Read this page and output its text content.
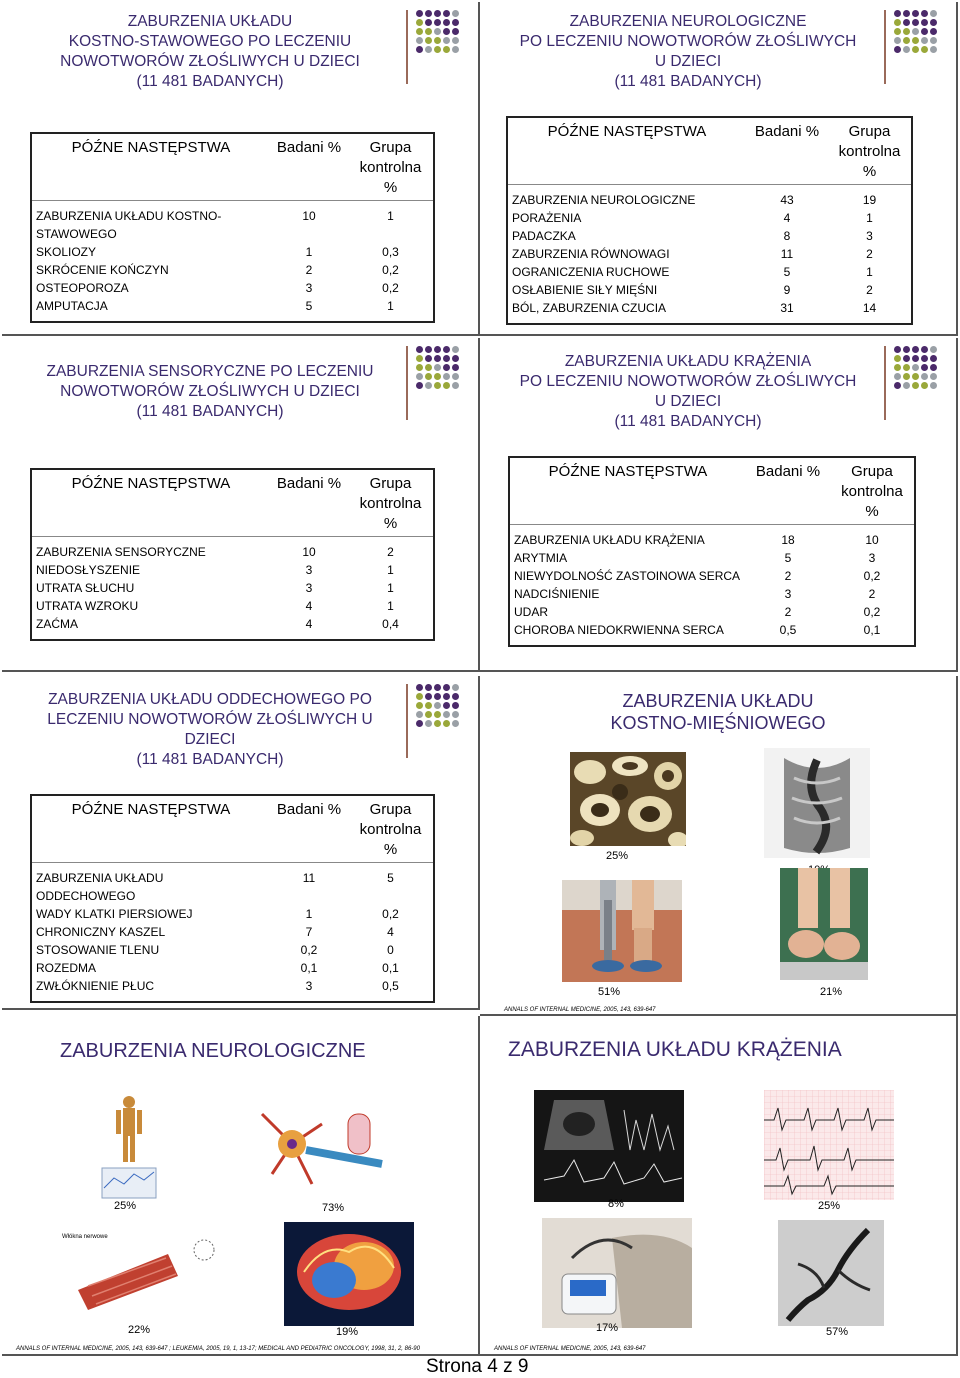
ZABURZENIA UKŁADU
KOSTNO-STAWOWEGO PO LECZENIU
NOWOTWORÓW ZŁOŚLIWYCH U DZIECI
(11 481 BADANYCH)
PÓŹNE NASTĘPSTWA	Badani %	Grupa kontrolna %
ZABURZENIA UKŁADU KOSTNO-STAWOWEGO	10	1
SKOLIOZY	1	0,3
SKRÓCENIE KOŃCZYN	2	0,2
OSTEOPOROZA	3	0,2
AMPUTACJA	5	1
ZABURZENIA NEUROLOGICZNE
PO LECZENIU NOWOTWORÓW ZŁOŚLIWYCH
U DZIECI
(11 481 BADANYCH)
PÓŹNE NASTĘPSTWA	Badani %	Grupa kontrolna %
ZABURZENIA NEUROLOGICZNE	43	19
PORAŻENIA	4	1
PADACZKA	8	3
ZABURZENIA RÓWNOWAGI	11	2
OGRANICZENIA RUCHOWE	5	1
OSŁABIENIE SIŁY MIĘŚNI	9	2
BÓL, ZABURZENIA CZUCIA	31	14
ZABURZENIA SENSORYCZNE PO LECZENIU
NOWOTWORÓW ZŁOŚLIWYCH U DZIECI
(11 481 BADANYCH)
PÓŹNE NASTĘPSTWA	Badani %	Grupa kontrolna %
ZABURZENIA SENSORYCZNE	10	2
NIEDOSŁYSZENIE	3	1
UTRATA SŁUCHU	3	1
UTRATA WZROKU	4	1
ZAĆMA	4	0,4
ZABURZENIA UKŁADU KRĄŻENIA
PO LECZENIU NOWOTWORÓW ZŁOŚLIWYCH
U DZIECI
(11 481 BADANYCH)
PÓŹNE NASTĘPSTWA	Badani %	Grupa kontrolna %
ZABURZENIA UKŁADU KRĄŻENIA	18	10
ARYTMIA	5	3
NIEWYDOLNOŚĆ ZASTOINOWA SERCA	2	0,2
NADCIŚNIENIE	3	2
UDAR	2	0,2
CHOROBA NIEDOKRWIENNA SERCA	0,5	0,1
ZABURZENIA UKŁADU ODDECHOWEGO PO
LECZENIU NOWOTWORÓW ZŁOŚLIWYCH U
DZIECI
(11 481 BADANYCH)
PÓŹNE NASTĘPSTWA	Badani %	Grupa kontrolna %
ZABURZENIA UKŁADU ODDECHOWEGO	11	5
WADY KLATKI PIERSIOWEJ	1	0,2
CHRONICZNY KASZEL	7	4
STOSOWANIE TLENU	0,2	0
ROZEDMA	0,1	0,1
ZWŁÓKNIENIE PŁUC	3	0,5
ZABURZENIA UKŁADU
KOSTNO-MIĘŚNIOWEGO
25%
51%	21%
ANNALS OF INTERNAL MEDICINE, 2005, 143, 639-647
ZABURZENIA NEUROLOGICZNE
25%	73%
Włókna nerwowe
22%	19%
ANNALS OF INTERNAL MEDICINE, 2005, 143, 639-647 ; LEUKEMIA, 2005, 19, 1, 13-17; MEDICAL AND PEDIATRIC ONCOLOGY, 1998, 31, 2, 86-90
ZABURZENIA UKŁADU KRĄŻENIA
8%	25%
17%	57%
ANNALS OF INTERNAL MEDICINE, 2005, 143, 639-647
Strona 4 z 9
